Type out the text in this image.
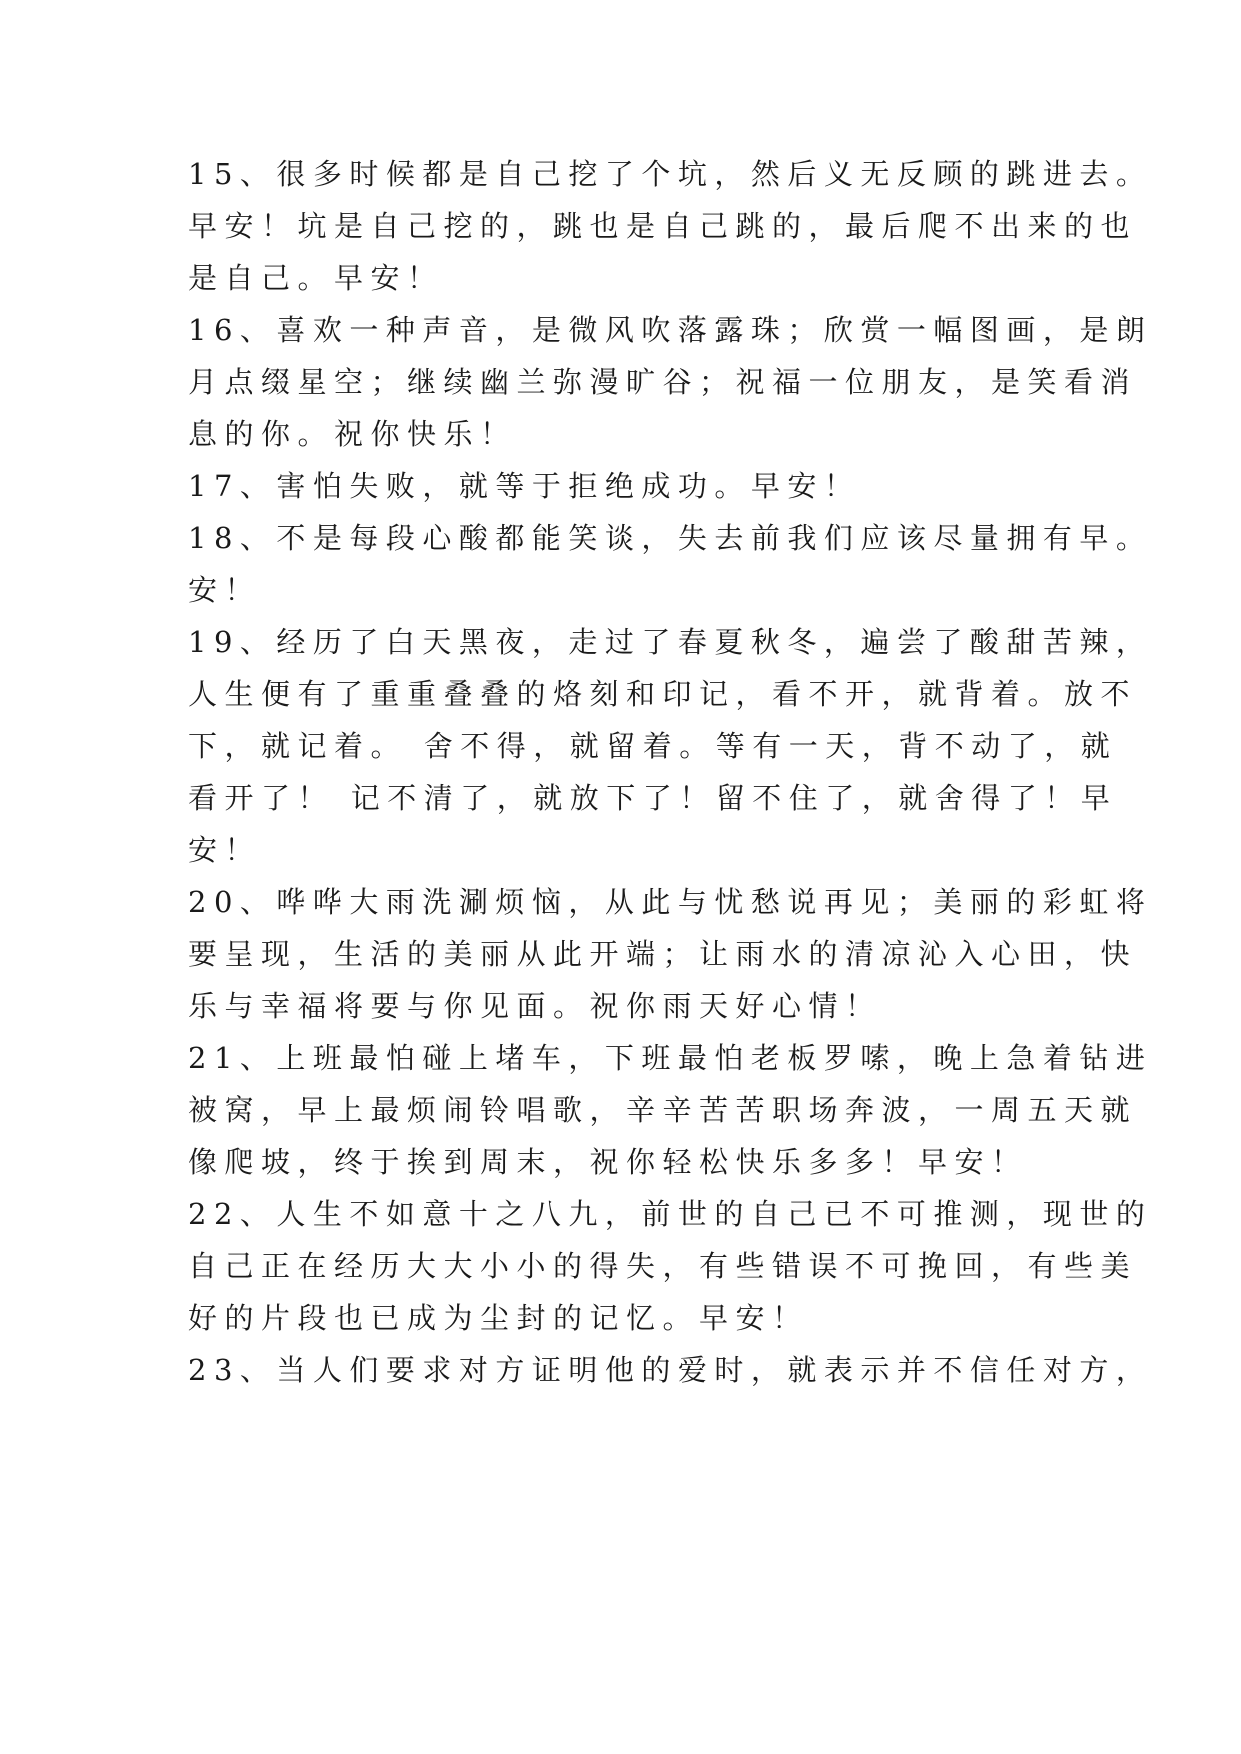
15、很多时候都是自己挖了个坑，然后义无反顾的跳进去。
早安！坑是自己挖的，跳也是自己跳的，最后爬不出来的也
是自己。早安！
16、喜欢一种声音，是微风吹落露珠；欣赏一幅图画，是朗
月点缀星空；继续幽兰弥漫旷谷；祝福一位朋友，是笑看消
息的你。祝你快乐！
17、害怕失败，就等于拒绝成功。早安！
18、不是每段心酸都能笑谈，失去前我们应该尽量拥有早。
安！
19、经历了白天黑夜，走过了春夏秋冬，遍尝了酸甜苦辣，
人生便有了重重叠叠的烙刻和印记，看不开，就背着。放不
下，就记着。 舍不得，就留着。等有一天，背不动了，就
看开了！ 记不清了，就放下了！留不住了，就舍得了！早
安！
20、哗哗大雨洗涮烦恼，从此与忧愁说再见；美丽的彩虹将
要呈现，生活的美丽从此开端；让雨水的清凉沁入心田，快
乐与幸福将要与你见面。祝你雨天好心情！
21、上班最怕碰上堵车，下班最怕老板罗嗦，晚上急着钻进
被窝，早上最烦闹铃唱歌，辛辛苦苦职场奔波，一周五天就
像爬坡，终于挨到周末，祝你轻松快乐多多！早安！
22、人生不如意十之八九，前世的自己已不可推测，现世的
自己正在经历大大小小的得失，有些错误不可挽回，有些美
好的片段也已成为尘封的记忆。早安！
23、当人们要求对方证明他的爱时，就表示并不信任对方，
